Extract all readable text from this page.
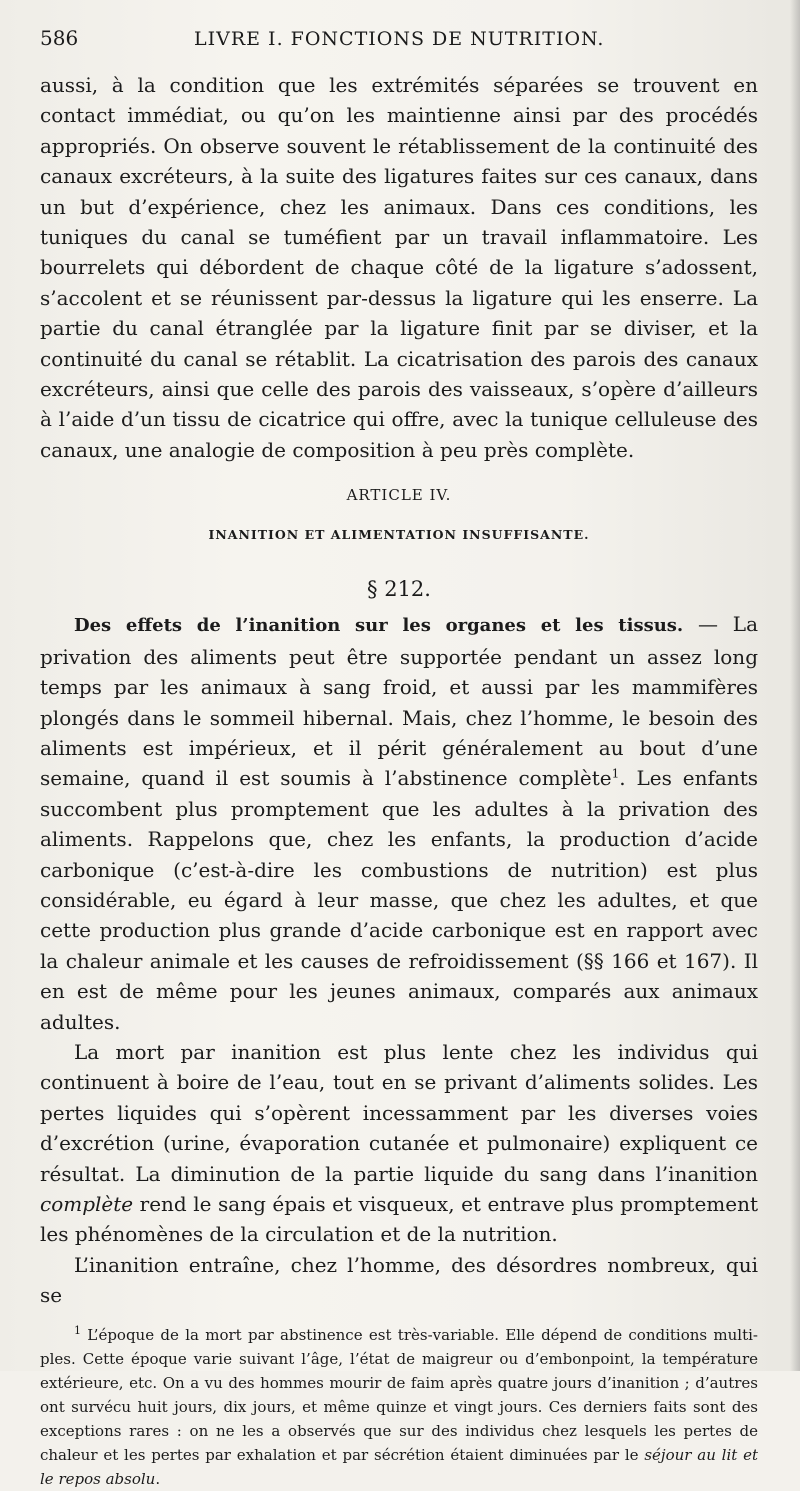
586	LIVRE I. FONCTIONS DE NUTRITION.

aussi, à la condition que les extrémités séparées se trouvent en contact immédiat, ou qu’on les maintienne ainsi par des procédés appropriés. On observe souvent le rétablissement de la continuité des canaux excréteurs, à la suite des ligatures faites sur ces canaux, dans un but d’expérience, chez les animaux. Dans ces conditions, les tuniques du canal se tuméfient par un travail inflammatoire. Les bourrelets qui débordent de chaque côté de la ligature s’adossent, s’accolent et se réunissent par-dessus la ligature qui les enserre. La partie du canal étranglée par la ligature finit par se diviser, et la continuité du canal se rétablit. La cicatrisation des parois des canaux excréteurs, ainsi que celle des parois des vaisseaux, s’opère d’ailleurs à l’aide d’un tissu de cicatrice qui offre, avec la tunique celluleuse des canaux, une analogie de composition à peu près complète.

ARTICLE IV.
INANITION ET ALIMENTATION INSUFFISANTE.
§ 212.

Des effets de l’inanition sur les organes et les tissus. — La privation des aliments peut être supportée pendant un assez long temps par les animaux à sang froid, et aussi par les mammifères plongés dans le sommeil hibernal. Mais, chez l’homme, le besoin des aliments est impérieux, et il périt généralement au bout d’une semaine, quand il est soumis à l’abstinence complète$^1$. Les enfants succombent plus promptement que les adultes à la privation des aliments. Rappelons que, chez les enfants, la production d’acide carbonique (c’est-à-dire les combustions de nutrition) est plus considérable, eu égard à leur masse, que chez les adultes, et que cette production plus grande d’acide carbonique est en rapport avec la chaleur animale et les causes de refroidissement (§§ 166 et 167). Il en est de même pour les jeunes animaux, comparés aux animaux adultes.

La mort par inanition est plus lente chez les individus qui continuent à boire de l’eau, tout en se privant d’aliments solides. Les pertes liquides qui s’opèrent incessamment par les diverses voies d’excrétion (urine, évaporation cutanée et pulmonaire) expliquent ce résultat. La diminution de la partie liquide du sang dans l’inanition complète rend le sang épais et visqueux, et entrave plus promptement les phénomènes de la circulation et de la nutrition.

L’inanition entraîne, chez l’homme, des désordres nombreux, qui se

$^1$ L’époque de la mort par abstinence est très-variable. Elle dépend de conditions multiples. Cette époque varie suivant l’âge, l’état de maigreur ou d’embonpoint, la température extérieure, etc. On a vu des hommes mourir de faim après quatre jours d’inanition ; d’autres ont survécu huit jours, dix jours, et même quinze et vingt jours. Ces derniers faits sont des exceptions rares : on ne les a observés que sur des individus chez lesquels les pertes de chaleur et les pertes par exhalation et par sécrétion étaient diminuées par le séjour au lit et le repos absolu.
